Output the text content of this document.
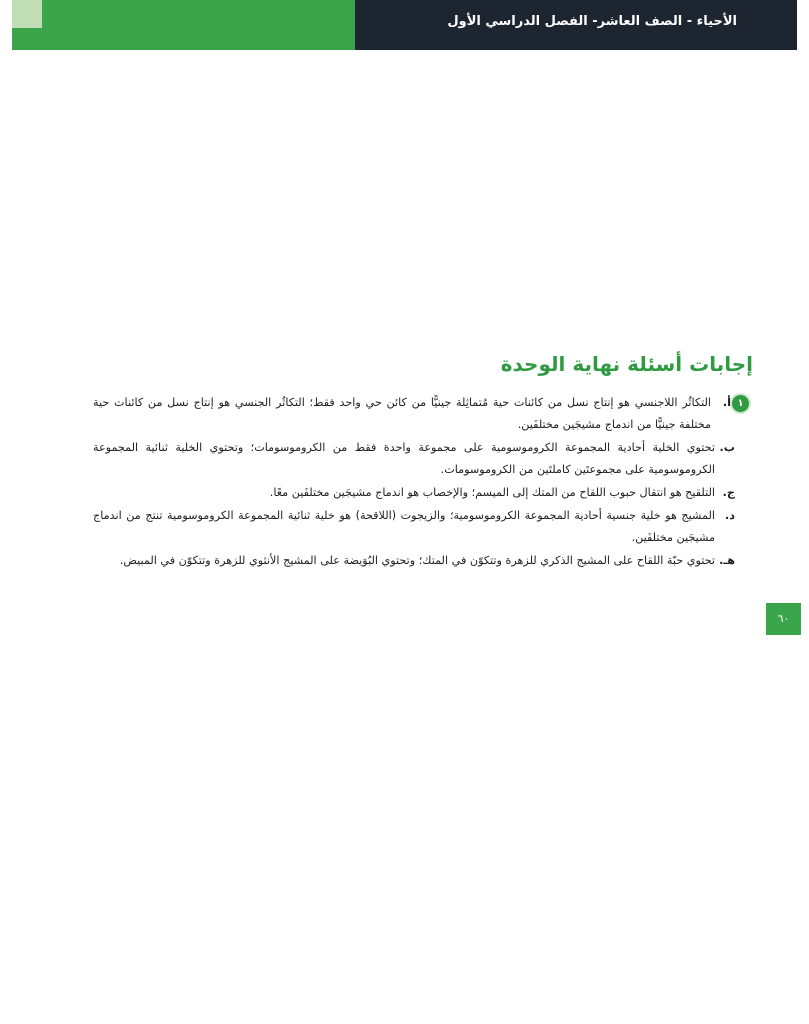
الأحياء - الصف العاشر- الفصل الدراسي الأول
إجابات أسئلة نهاية الوحدة
١
أ.
التكاثُر اللاجنسي هو إنتاج نسل من كائنات حية مُتماثِلة جينيًّا من كائن حي واحد فقط؛ التكاثُر الجنسي هو إنتاج نسل من كائنات حية مختلفة جينيًّا من اندماج مشيجَين مختلفَين.
ب.
تحتوي الخلية أحادية المجموعة الكروموسومية على مجموعة واحدة فقط من الكروموسومات؛ وتحتوي الخلية ثنائية المجموعة الكروموسومية على مجموعتَين كاملتَين من الكروموسومات.
ج.
التلقيح هو انتقال حبوب اللقاح من المتك إلى الميسم؛ والإخصاب هو اندماج مشيجَين مختلفَين معًا.
د.
المشيج هو خلية جنسية أحادية المجموعة الكروموسومية؛ والزيجوت (اللاقحة) هو خلية ثنائية المجموعة الكروموسومية تنتج من اندماج مشيجَين مختلفَين.
هـ.
تحتوي حبّة اللقاح على المشيج الذكري للزهرة وتتكوّن في المتك؛ وتحتوي البُوَيضة على المشيج الأنثوي للزهرة وتتكوّن في المبيض.
٦٠
